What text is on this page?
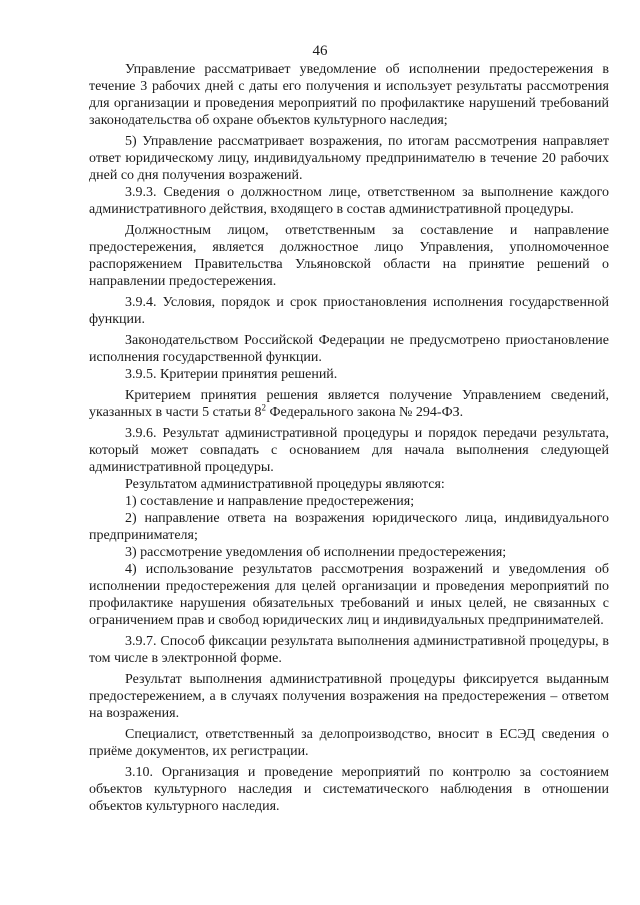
46

Управление рассматривает уведомление об исполнении предостережения в течение 3 рабочих дней с даты его получения и использует результаты рассмотрения для организации и проведения мероприятий по профилактике нарушений требований законодательства об охране объектов культурного наследия;

5) Управление рассматривает возражения, по итогам рассмотрения направляет ответ юридическому лицу, индивидуальному предпринимателю в течение 20 рабочих дней со дня получения возражений.

3.9.3. Сведения о должностном лице, ответственном за выполнение каждого административного действия, входящего в состав административной процедуры.

Должностным лицом, ответственным за составление и направление предостережения, является должностное лицо Управления, уполномоченное распоряжением Правительства Ульяновской области на принятие решений о направлении предостережения.

3.9.4. Условия, порядок и срок приостановления исполнения государственной функции.

Законодательством Российской Федерации не предусмотрено приостановление исполнения государственной функции.

3.9.5. Критерии принятия решений.

Критерием принятия решения является получение Управлением сведений, указанных в части 5 статьи $8^2$ Федерального закона № 294-ФЗ.

3.9.6. Результат административной процедуры и порядок передачи результата, который может совпадать с основанием для начала выполнения следующей административной процедуры.

Результатом административной процедуры являются:

1) составление и направление предостережения;

2) направление ответа на возражения юридического лица, индивидуального предпринимателя;

3) рассмотрение уведомления об исполнении предостережения;

4) использование результатов рассмотрения возражений и уведомления об исполнении предостережения для целей организации и проведения мероприятий по профилактике нарушения обязательных требований и иных целей, не связанных с ограничением прав и свобод юридических лиц и индивидуальных предпринимателей.

3.9.7. Способ фиксации результата выполнения административной процедуры, в том числе в электронной форме.

Результат выполнения административной процедуры фиксируется выданным предостережением, а в случаях получения возражения на предостережения – ответом на возражения.

Специалист, ответственный за делопроизводство, вносит в ЕСЭД сведения о приёме документов, их регистрации.

3.10. Организация и проведение мероприятий по контролю за состоянием объектов культурного наследия и систематического наблюдения в отношении объектов культурного наследия.
